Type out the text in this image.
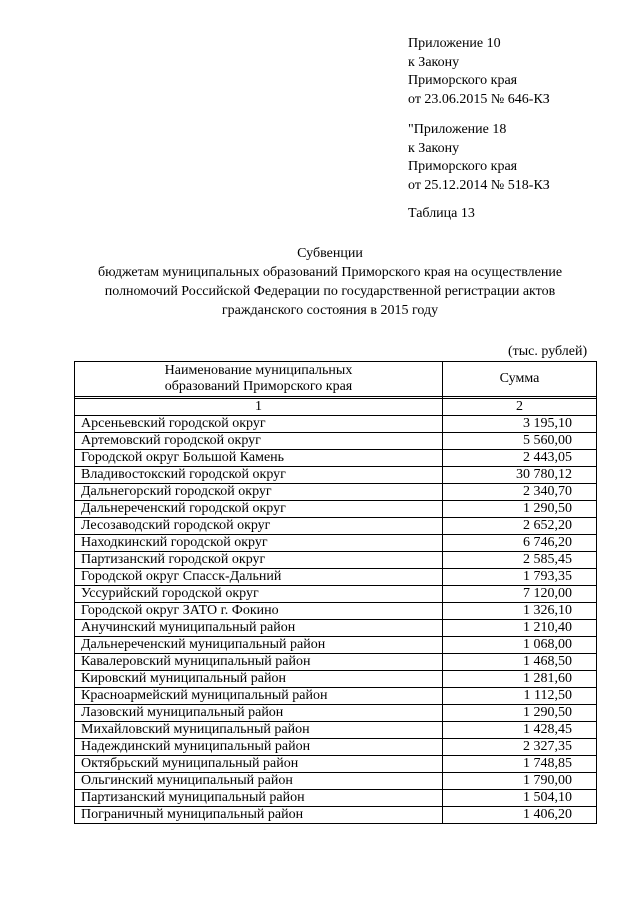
Приложение 10
к Закону
Приморского края
от 23.06.2015 № 646-КЗ
"Приложение 18
к Закону
Приморского края
от 25.12.2014 № 518-КЗ
Таблица 13
Субвенции
бюджетам муниципальных образований Приморского края на осуществление
полномочий Российской Федерации по государственной регистрации актов
гражданского состояния в 2015 году
(тыс. рублей)
Наименование муниципальных
образований Приморского края	Сумма

1	2
Арсеньевский городской округ	3 195,10
Артемовский городской округ	5 560,00
Городской округ Большой Камень	2 443,05
Владивостокский городской округ	30 780,12
Дальнегорский городской округ	2 340,70
Дальнереченский городской округ	1 290,50
Лесозаводский городской округ	2 652,20
Находкинский городской округ	6 746,20
Партизанский городской округ	2 585,45
Городской округ Спасск-Дальний	1 793,35
Уссурийский городской округ	7 120,00
Городской округ ЗАТО г. Фокино	1 326,10
Анучинский муниципальный район	1 210,40
Дальнереченский муниципальный район	1 068,00
Кавалеровский муниципальный район	1 468,50
Кировский муниципальный район	1 281,60
Красноармейский муниципальный район	1 112,50
Лазовский муниципальный район	1 290,50
Михайловский муниципальный район	1 428,45
Надеждинский муниципальный район	2 327,35
Октябрьский муниципальный район	1 748,85
Ольгинский муниципальный район	1 790,00
Партизанский муниципальный район	1 504,10
Пограничный муниципальный район	1 406,20
